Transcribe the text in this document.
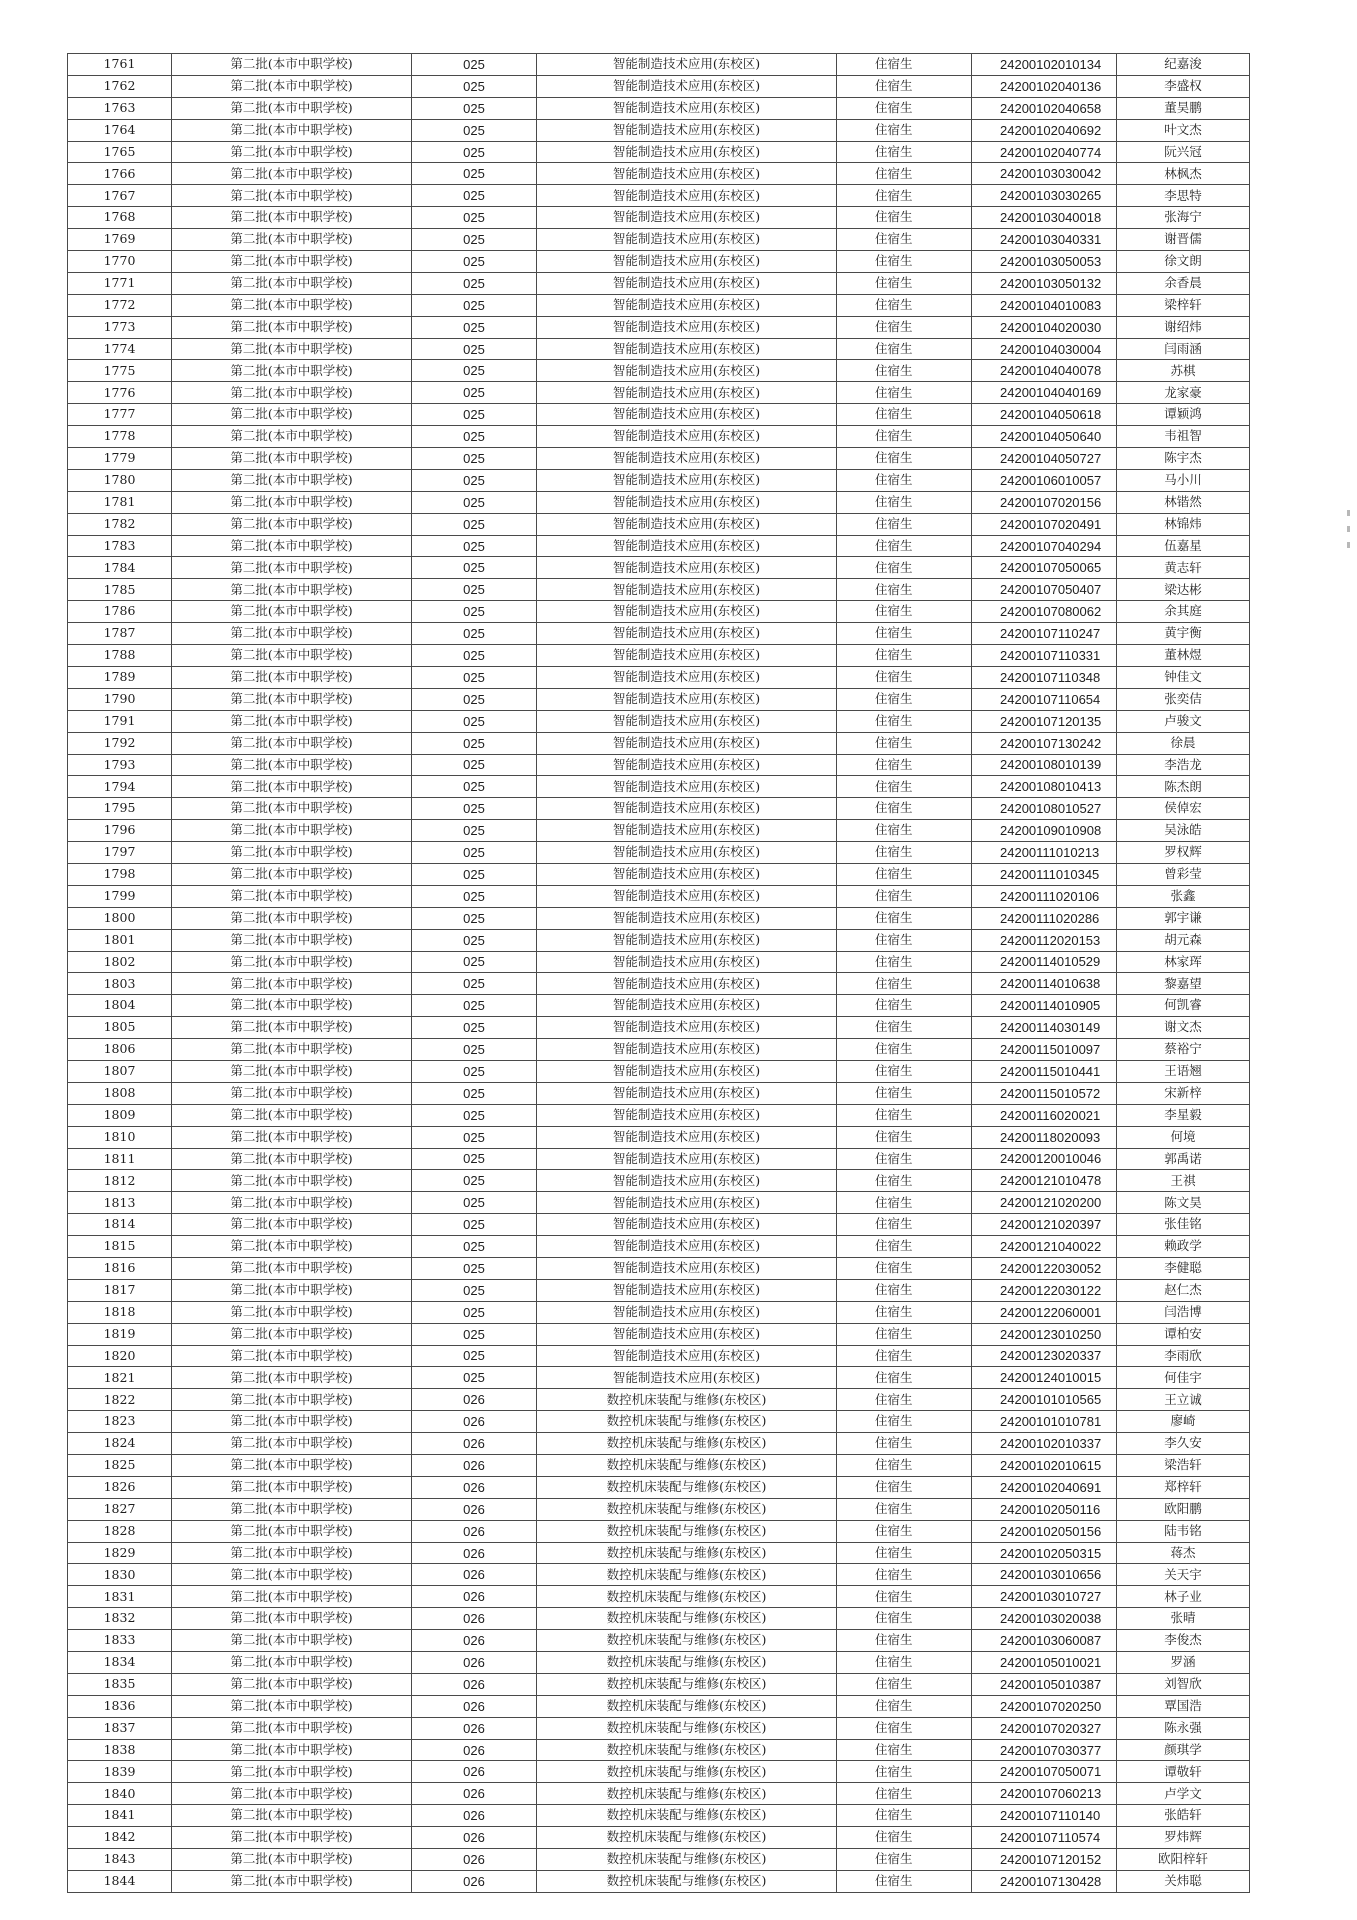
1761	第二批(本市中职学校)	025	智能制造技术应用(东校区)	住宿生	24200102010134	纪嘉浚
1762	第二批(本市中职学校)	025	智能制造技术应用(东校区)	住宿生	24200102040136	李盛权
1763	第二批(本市中职学校)	025	智能制造技术应用(东校区)	住宿生	24200102040658	董昊鹏
1764	第二批(本市中职学校)	025	智能制造技术应用(东校区)	住宿生	24200102040692	叶文杰
1765	第二批(本市中职学校)	025	智能制造技术应用(东校区)	住宿生	24200102040774	阮兴冠
1766	第二批(本市中职学校)	025	智能制造技术应用(东校区)	住宿生	24200103030042	林枫杰
1767	第二批(本市中职学校)	025	智能制造技术应用(东校区)	住宿生	24200103030265	李思特
1768	第二批(本市中职学校)	025	智能制造技术应用(东校区)	住宿生	24200103040018	张海宁
1769	第二批(本市中职学校)	025	智能制造技术应用(东校区)	住宿生	24200103040331	谢晋儒
1770	第二批(本市中职学校)	025	智能制造技术应用(东校区)	住宿生	24200103050053	徐文朗
1771	第二批(本市中职学校)	025	智能制造技术应用(东校区)	住宿生	24200103050132	余香晨
1772	第二批(本市中职学校)	025	智能制造技术应用(东校区)	住宿生	24200104010083	梁梓轩
1773	第二批(本市中职学校)	025	智能制造技术应用(东校区)	住宿生	24200104020030	谢绍炜
1774	第二批(本市中职学校)	025	智能制造技术应用(东校区)	住宿生	24200104030004	闫雨涵
1775	第二批(本市中职学校)	025	智能制造技术应用(东校区)	住宿生	24200104040078	苏棋
1776	第二批(本市中职学校)	025	智能制造技术应用(东校区)	住宿生	24200104040169	龙家豪
1777	第二批(本市中职学校)	025	智能制造技术应用(东校区)	住宿生	24200104050618	谭颖鸿
1778	第二批(本市中职学校)	025	智能制造技术应用(东校区)	住宿生	24200104050640	韦祖智
1779	第二批(本市中职学校)	025	智能制造技术应用(东校区)	住宿生	24200104050727	陈宇杰
1780	第二批(本市中职学校)	025	智能制造技术应用(东校区)	住宿生	24200106010057	马小川
1781	第二批(本市中职学校)	025	智能制造技术应用(东校区)	住宿生	24200107020156	林锴然
1782	第二批(本市中职学校)	025	智能制造技术应用(东校区)	住宿生	24200107020491	林锦炜
1783	第二批(本市中职学校)	025	智能制造技术应用(东校区)	住宿生	24200107040294	伍嘉星
1784	第二批(本市中职学校)	025	智能制造技术应用(东校区)	住宿生	24200107050065	黄志轩
1785	第二批(本市中职学校)	025	智能制造技术应用(东校区)	住宿生	24200107050407	梁达彬
1786	第二批(本市中职学校)	025	智能制造技术应用(东校区)	住宿生	24200107080062	余其庭
1787	第二批(本市中职学校)	025	智能制造技术应用(东校区)	住宿生	24200107110247	黄宇衡
1788	第二批(本市中职学校)	025	智能制造技术应用(东校区)	住宿生	24200107110331	董林煜
1789	第二批(本市中职学校)	025	智能制造技术应用(东校区)	住宿生	24200107110348	钟佳文
1790	第二批(本市中职学校)	025	智能制造技术应用(东校区)	住宿生	24200107110654	张奕佶
1791	第二批(本市中职学校)	025	智能制造技术应用(东校区)	住宿生	24200107120135	卢骏文
1792	第二批(本市中职学校)	025	智能制造技术应用(东校区)	住宿生	24200107130242	徐晨
1793	第二批(本市中职学校)	025	智能制造技术应用(东校区)	住宿生	24200108010139	李浩龙
1794	第二批(本市中职学校)	025	智能制造技术应用(东校区)	住宿生	24200108010413	陈杰朗
1795	第二批(本市中职学校)	025	智能制造技术应用(东校区)	住宿生	24200108010527	侯倬宏
1796	第二批(本市中职学校)	025	智能制造技术应用(东校区)	住宿生	24200109010908	吴泳皓
1797	第二批(本市中职学校)	025	智能制造技术应用(东校区)	住宿生	24200111010213	罗权辉
1798	第二批(本市中职学校)	025	智能制造技术应用(东校区)	住宿生	24200111010345	曾彩莹
1799	第二批(本市中职学校)	025	智能制造技术应用(东校区)	住宿生	24200111020106	张鑫
1800	第二批(本市中职学校)	025	智能制造技术应用(东校区)	住宿生	24200111020286	郭宇谦
1801	第二批(本市中职学校)	025	智能制造技术应用(东校区)	住宿生	24200112020153	胡元森
1802	第二批(本市中职学校)	025	智能制造技术应用(东校区)	住宿生	24200114010529	林家珲
1803	第二批(本市中职学校)	025	智能制造技术应用(东校区)	住宿生	24200114010638	黎嘉望
1804	第二批(本市中职学校)	025	智能制造技术应用(东校区)	住宿生	24200114010905	何凯睿
1805	第二批(本市中职学校)	025	智能制造技术应用(东校区)	住宿生	24200114030149	谢文杰
1806	第二批(本市中职学校)	025	智能制造技术应用(东校区)	住宿生	24200115010097	蔡裕宁
1807	第二批(本市中职学校)	025	智能制造技术应用(东校区)	住宿生	24200115010441	王语翘
1808	第二批(本市中职学校)	025	智能制造技术应用(东校区)	住宿生	24200115010572	宋新梓
1809	第二批(本市中职学校)	025	智能制造技术应用(东校区)	住宿生	24200116020021	李星毅
1810	第二批(本市中职学校)	025	智能制造技术应用(东校区)	住宿生	24200118020093	何境
1811	第二批(本市中职学校)	025	智能制造技术应用(东校区)	住宿生	24200120010046	郭禹诺
1812	第二批(本市中职学校)	025	智能制造技术应用(东校区)	住宿生	24200121010478	王祺
1813	第二批(本市中职学校)	025	智能制造技术应用(东校区)	住宿生	24200121020200	陈文昊
1814	第二批(本市中职学校)	025	智能制造技术应用(东校区)	住宿生	24200121020397	张佳铭
1815	第二批(本市中职学校)	025	智能制造技术应用(东校区)	住宿生	24200121040022	赖政学
1816	第二批(本市中职学校)	025	智能制造技术应用(东校区)	住宿生	24200122030052	李健聪
1817	第二批(本市中职学校)	025	智能制造技术应用(东校区)	住宿生	24200122030122	赵仁杰
1818	第二批(本市中职学校)	025	智能制造技术应用(东校区)	住宿生	24200122060001	闫浩博
1819	第二批(本市中职学校)	025	智能制造技术应用(东校区)	住宿生	24200123010250	谭柏安
1820	第二批(本市中职学校)	025	智能制造技术应用(东校区)	住宿生	24200123020337	李雨欣
1821	第二批(本市中职学校)	025	智能制造技术应用(东校区)	住宿生	24200124010015	何佳宇
1822	第二批(本市中职学校)	026	数控机床装配与维修(东校区)	住宿生	24200101010565	王立诚
1823	第二批(本市中职学校)	026	数控机床装配与维修(东校区)	住宿生	24200101010781	廖崎
1824	第二批(本市中职学校)	026	数控机床装配与维修(东校区)	住宿生	24200102010337	李久安
1825	第二批(本市中职学校)	026	数控机床装配与维修(东校区)	住宿生	24200102010615	梁浩轩
1826	第二批(本市中职学校)	026	数控机床装配与维修(东校区)	住宿生	24200102040691	郑梓轩
1827	第二批(本市中职学校)	026	数控机床装配与维修(东校区)	住宿生	24200102050116	欧阳鹏
1828	第二批(本市中职学校)	026	数控机床装配与维修(东校区)	住宿生	24200102050156	陆韦铭
1829	第二批(本市中职学校)	026	数控机床装配与维修(东校区)	住宿生	24200102050315	蒋杰
1830	第二批(本市中职学校)	026	数控机床装配与维修(东校区)	住宿生	24200103010656	关天宇
1831	第二批(本市中职学校)	026	数控机床装配与维修(东校区)	住宿生	24200103010727	林子业
1832	第二批(本市中职学校)	026	数控机床装配与维修(东校区)	住宿生	24200103020038	张晴
1833	第二批(本市中职学校)	026	数控机床装配与维修(东校区)	住宿生	24200103060087	李俊杰
1834	第二批(本市中职学校)	026	数控机床装配与维修(东校区)	住宿生	24200105010021	罗涵
1835	第二批(本市中职学校)	026	数控机床装配与维修(东校区)	住宿生	24200105010387	刘智欣
1836	第二批(本市中职学校)	026	数控机床装配与维修(东校区)	住宿生	24200107020250	覃国浩
1837	第二批(本市中职学校)	026	数控机床装配与维修(东校区)	住宿生	24200107020327	陈永强
1838	第二批(本市中职学校)	026	数控机床装配与维修(东校区)	住宿生	24200107030377	颜琪学
1839	第二批(本市中职学校)	026	数控机床装配与维修(东校区)	住宿生	24200107050071	谭敬轩
1840	第二批(本市中职学校)	026	数控机床装配与维修(东校区)	住宿生	24200107060213	卢学文
1841	第二批(本市中职学校)	026	数控机床装配与维修(东校区)	住宿生	24200107110140	张皓轩
1842	第二批(本市中职学校)	026	数控机床装配与维修(东校区)	住宿生	24200107110574	罗炜辉
1843	第二批(本市中职学校)	026	数控机床装配与维修(东校区)	住宿生	24200107120152	欧阳梓轩
1844	第二批(本市中职学校)	026	数控机床装配与维修(东校区)	住宿生	24200107130428	关炜聪
